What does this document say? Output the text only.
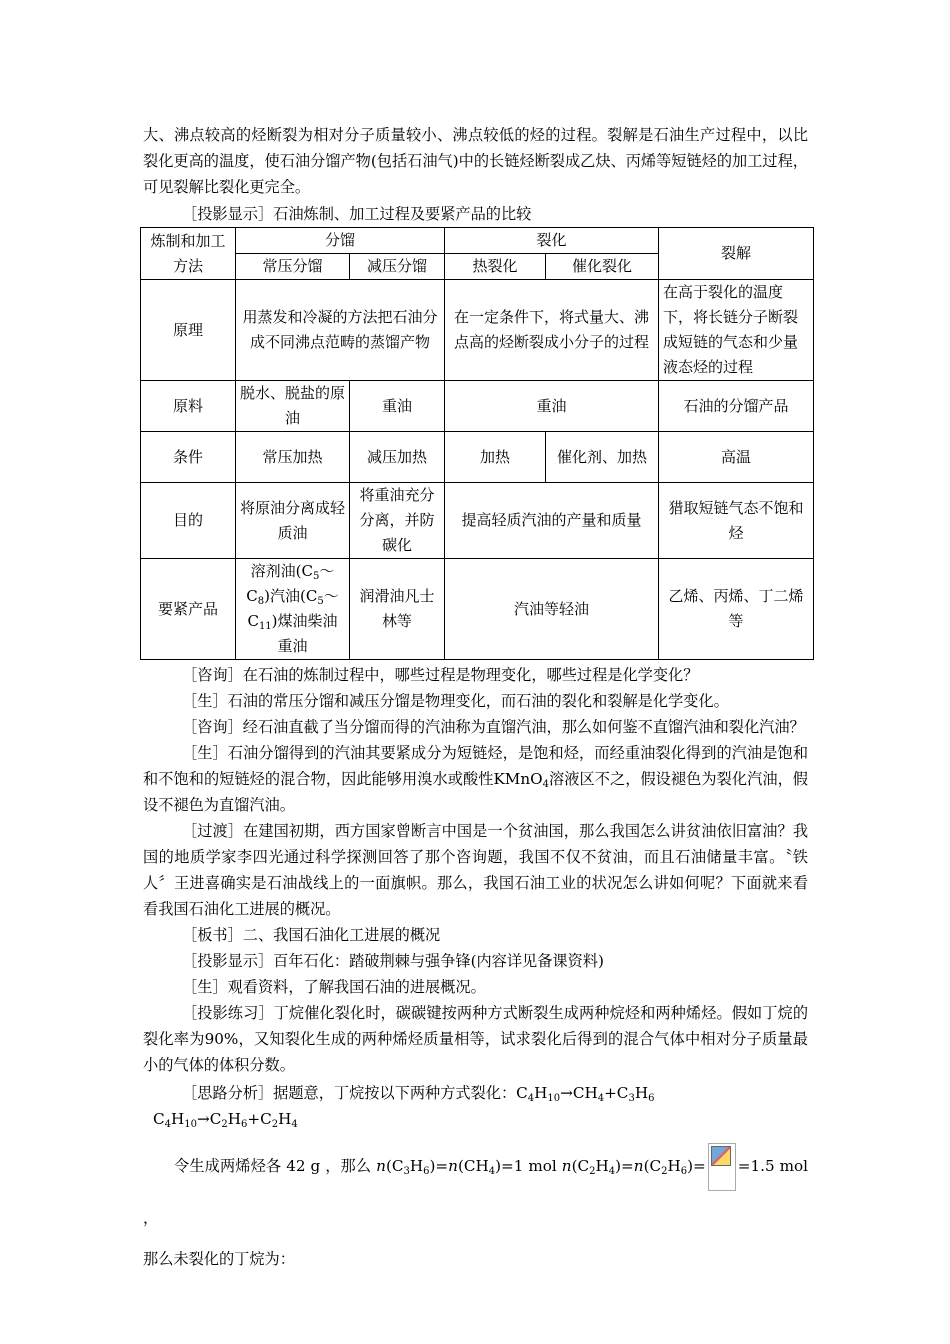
大、沸点较高的烃断裂为相对分子质量较小、沸点较低的烃的过程。裂解是石油生产过程中，以比裂化更高的温度，使石油分馏产物(包括石油气)中的长链烃断裂成乙炔、丙烯等短链烃的加工过程，可见裂解比裂化更完全。

［投影显示］石油炼制、加工过程及要紧产品的比较

炼制和加工方法	分馏		裂化		裂解
	常压分馏	减压分馏	热裂化	催化裂化	
原理	用蒸发和冷凝的方法把石油分成不同沸点范畴的蒸馏产物		在一定条件下，将式量大、沸点高的烃断裂成小分子的过程		在高于裂化的温度下，将长链分子断裂成短链的气态和少量液态烃的过程
原料	脱水、脱盐的原油	重油	重油		石油的分馏产品
条件	常压加热	减压加热	加热	催化剂、加热	高温
目的	将原油分离成轻质油	将重油充分分离，并防碳化	提高轻质汽油的产量和质量		猎取短链气态不饱和烃
要紧产品	溶剂油$(C_5\sim C_8)$汽油$(C_5\sim C_{11})$煤油柴油重油	润滑油凡士林等	汽油等轻油		乙烯、丙烯、丁二烯等

［咨询］在石油的炼制过程中，哪些过程是物理变化，哪些过程是化学变化？

［生］石油的常压分馏和减压分馏是物理变化，而石油的裂化和裂解是化学变化。

［咨询］经石油直截了当分馏而得的汽油称为直馏汽油，那么如何鉴不直馏汽油和裂化汽油？

［生］石油分馏得到的汽油其要紧成分为短链烃，是饱和烃，而经重油裂化得到的汽油是饱和和不饱和的短链烃的混合物，因此能够用溴水或酸性KMnO$_4$溶液区不之，假设褪色为裂化汽油，假设不褪色为直馏汽油。

［过渡］在建国初期，西方国家曾断言中国是一个贫油国，那么我国怎么讲贫油依旧富油？我国的地质学家李四光通过科学探测回答了那个咨询题，我国不仅不贫油，而且石油储量丰富。〝铁人〞王进喜确实是石油战线上的一面旗帜。那么，我国石油工业的状况怎么讲如何呢？下面就来看看我国石油化工进展的概况。

［板书］二、我国石油化工进展的概况

［投影显示］百年石化：踏破荆棘与强争锋(内容详见备课资料)

［生］观看资料，了解我国石油的进展概况。

［投影练习］丁烷催化裂化时，碳碳键按两种方式断裂生成两种烷烃和两种烯烃。假如丁烷的裂化率为90%，又知裂化生成的两种烯烃质量相等，试求裂化后得到的混合气体中相对分子质量最小的气体的体积分数。

［思路分析］据题意，丁烷按以下两种方式裂化：$C_4H_{10}\to CH_4+C_3H_6$

$C_4H_{10}\to C_2H_6+C_2H_4$

令生成两烯烃各 42 g ，那么 $n(C_3H_6)=n(CH_4)=1$ mol $n(C_2H_4)=n(C_2H_6)= =1.5$ mol ，

那么未裂化的丁烷为：
